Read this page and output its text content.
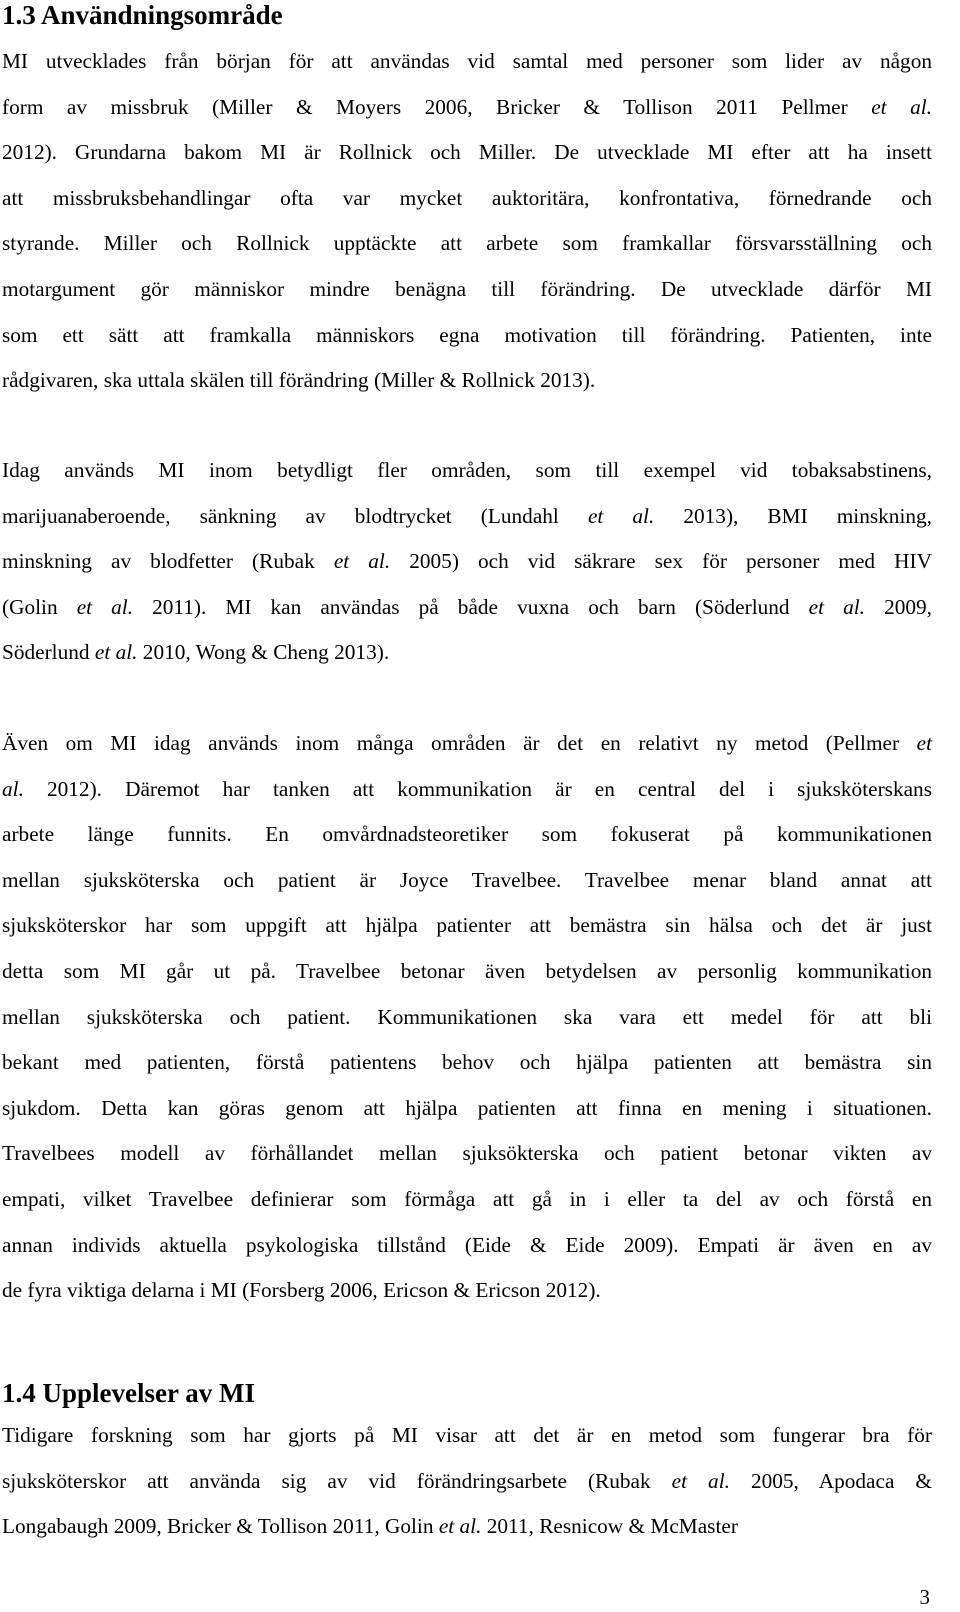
1.3 Användningsområde

MI utvecklades från början för att användas vid samtal med personer som lider av någon
form av missbruk (Miller & Moyers 2006, Bricker & Tollison 2011 Pellmer et al.
2012). Grundarna bakom MI är Rollnick och Miller. De utvecklade MI efter att ha insett
att missbruksbehandlingar ofta var mycket auktoritära, konfrontativa, förnedrande och
styrande. Miller och Rollnick upptäckte att arbete som framkallar försvarsställning och
motargument gör människor mindre benägna till förändring. De utvecklade därför MI
som ett sätt att framkalla människors egna motivation till förändring. Patienten, inte
rådgivaren, ska uttala skälen till förändring (Miller & Rollnick 2013).

Idag används MI inom betydligt fler områden, som till exempel vid tobaksabstinens,
marijuanaberoende, sänkning av blodtrycket (Lundahl et al. 2013), BMI minskning,
minskning av blodfetter (Rubak et al. 2005) och vid säkrare sex för personer med HIV
(Golin et al. 2011). MI kan användas på både vuxna och barn (Söderlund et al. 2009,
Söderlund et al. 2010, Wong & Cheng 2013).

Även om MI idag används inom många områden är det en relativt ny metod (Pellmer et
al. 2012). Däremot har tanken att kommunikation är en central del i sjuksköterskans
arbete länge funnits. En omvårdnadsteoretiker som fokuserat på kommunikationen
mellan sjuksköterska och patient är Joyce Travelbee. Travelbee menar bland annat att
sjuksköterskor har som uppgift att hjälpa patienter att bemästra sin hälsa och det är just
detta som MI går ut på. Travelbee betonar även betydelsen av personlig kommunikation
mellan sjuksköterska och patient. Kommunikationen ska vara ett medel för att bli
bekant med patienten, förstå patientens behov och hjälpa patienten att bemästra sin
sjukdom. Detta kan göras genom att hjälpa patienten att finna en mening i situationen.
Travelbees modell av förhållandet mellan sjuksökterska och patient betonar vikten av
empati, vilket Travelbee definierar som förmåga att gå in i eller ta del av och förstå en
annan individs aktuella psykologiska tillstånd (Eide & Eide 2009). Empati är även en av
de fyra viktiga delarna i MI (Forsberg 2006, Ericson & Ericson 2012).

1.4 Upplevelser av MI

Tidigare forskning som har gjorts på MI visar att det är en metod som fungerar bra för
sjuksköterskor att använda sig av vid förändringsarbete (Rubak et al. 2005, Apodaca &
Longabaugh 2009, Bricker & Tollison 2011, Golin et al. 2011, Resnicow & McMaster

3
